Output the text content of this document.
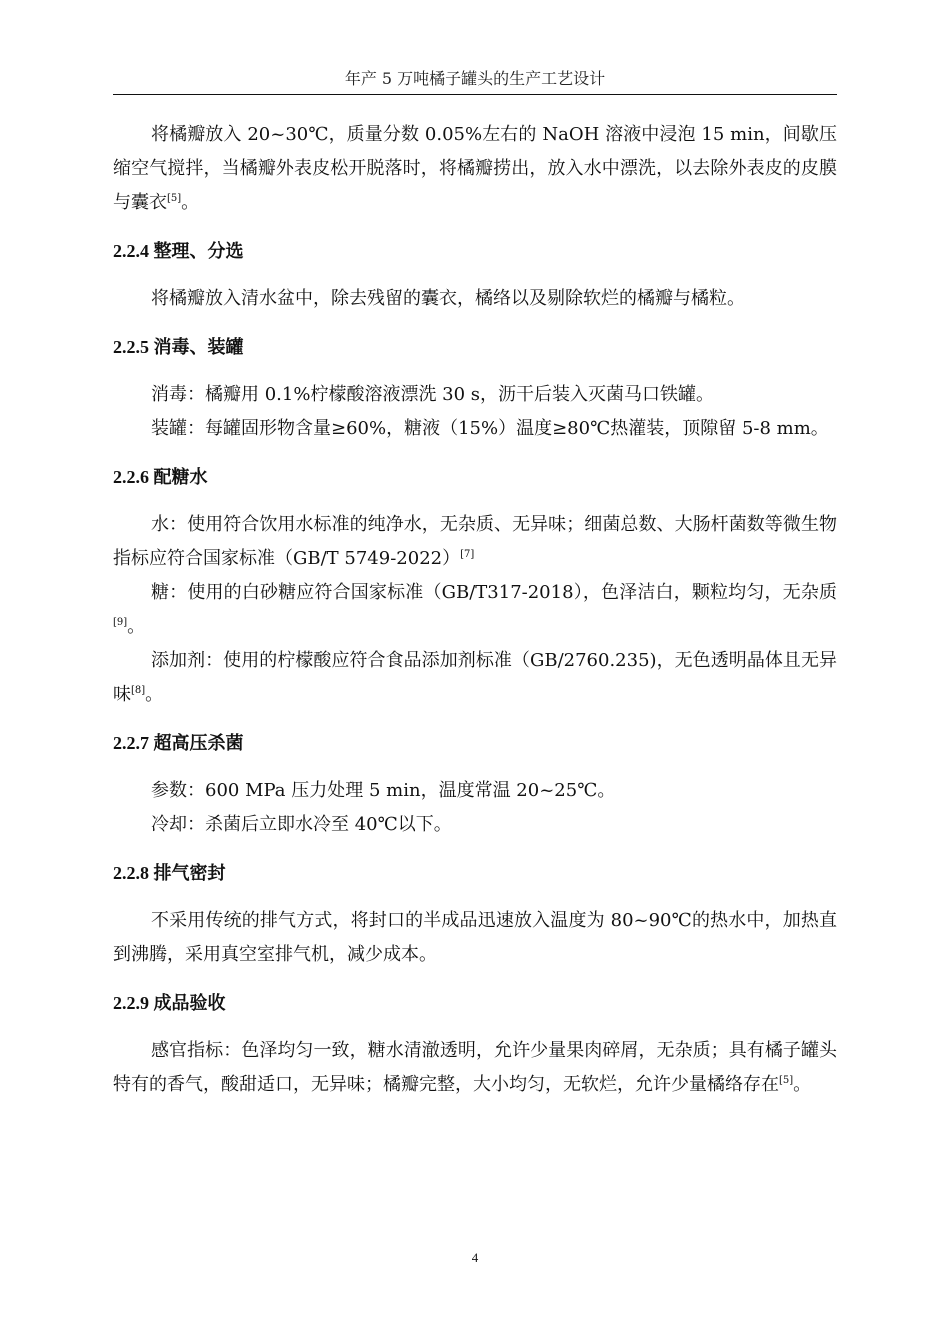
年产 5 万吨橘子罐头的生产工艺设计

将橘瓣放入 20~30℃，质量分数 0.05%左右的 NaOH 溶液中浸泡 15 min，间歇压缩空气搅拌，当橘瓣外表皮松开脱落时，将橘瓣捞出，放入水中漂洗，以去除外表皮的皮膜与囊衣[5]。

2.2.4 整理、分选

将橘瓣放入清水盆中，除去残留的囊衣，橘络以及剔除软烂的橘瓣与橘粒。

2.2.5 消毒、装罐

消毒：橘瓣用 0.1%柠檬酸溶液漂洗 30 s，沥干后装入灭菌马口铁罐。

装罐：每罐固形物含量≥60%，糖液（15%）温度≥80℃热灌装，顶隙留 5-8 mm。

2.2.6 配糖水

水：使用符合饮用水标准的纯净水，无杂质、无异味；细菌总数、大肠杆菌数等微生物指标应符合国家标准（GB/T 5749-2022）[7]

糖：使用的白砂糖应符合国家标准（GB/T317-2018），色泽洁白，颗粒均匀，无杂质[9]。

添加剂：使用的柠檬酸应符合食品添加剂标准（GB/2760.235)，无色透明晶体且无异味[8]。

2.2.7 超高压杀菌

参数：600 MPa 压力处理 5 min，温度常温 20~25℃。

冷却：杀菌后立即水冷至 40℃以下。

2.2.8 排气密封

不采用传统的排气方式，将封口的半成品迅速放入温度为 80~90℃的热水中，加热直到沸腾，采用真空室排气机，减少成本。

2.2.9 成品验收

感官指标：色泽均匀一致，糖水清澈透明，允许少量果肉碎屑，无杂质；具有橘子罐头特有的香气，酸甜适口，无异味；橘瓣完整，大小均匀，无软烂，允许少量橘络存在[5]。

4
